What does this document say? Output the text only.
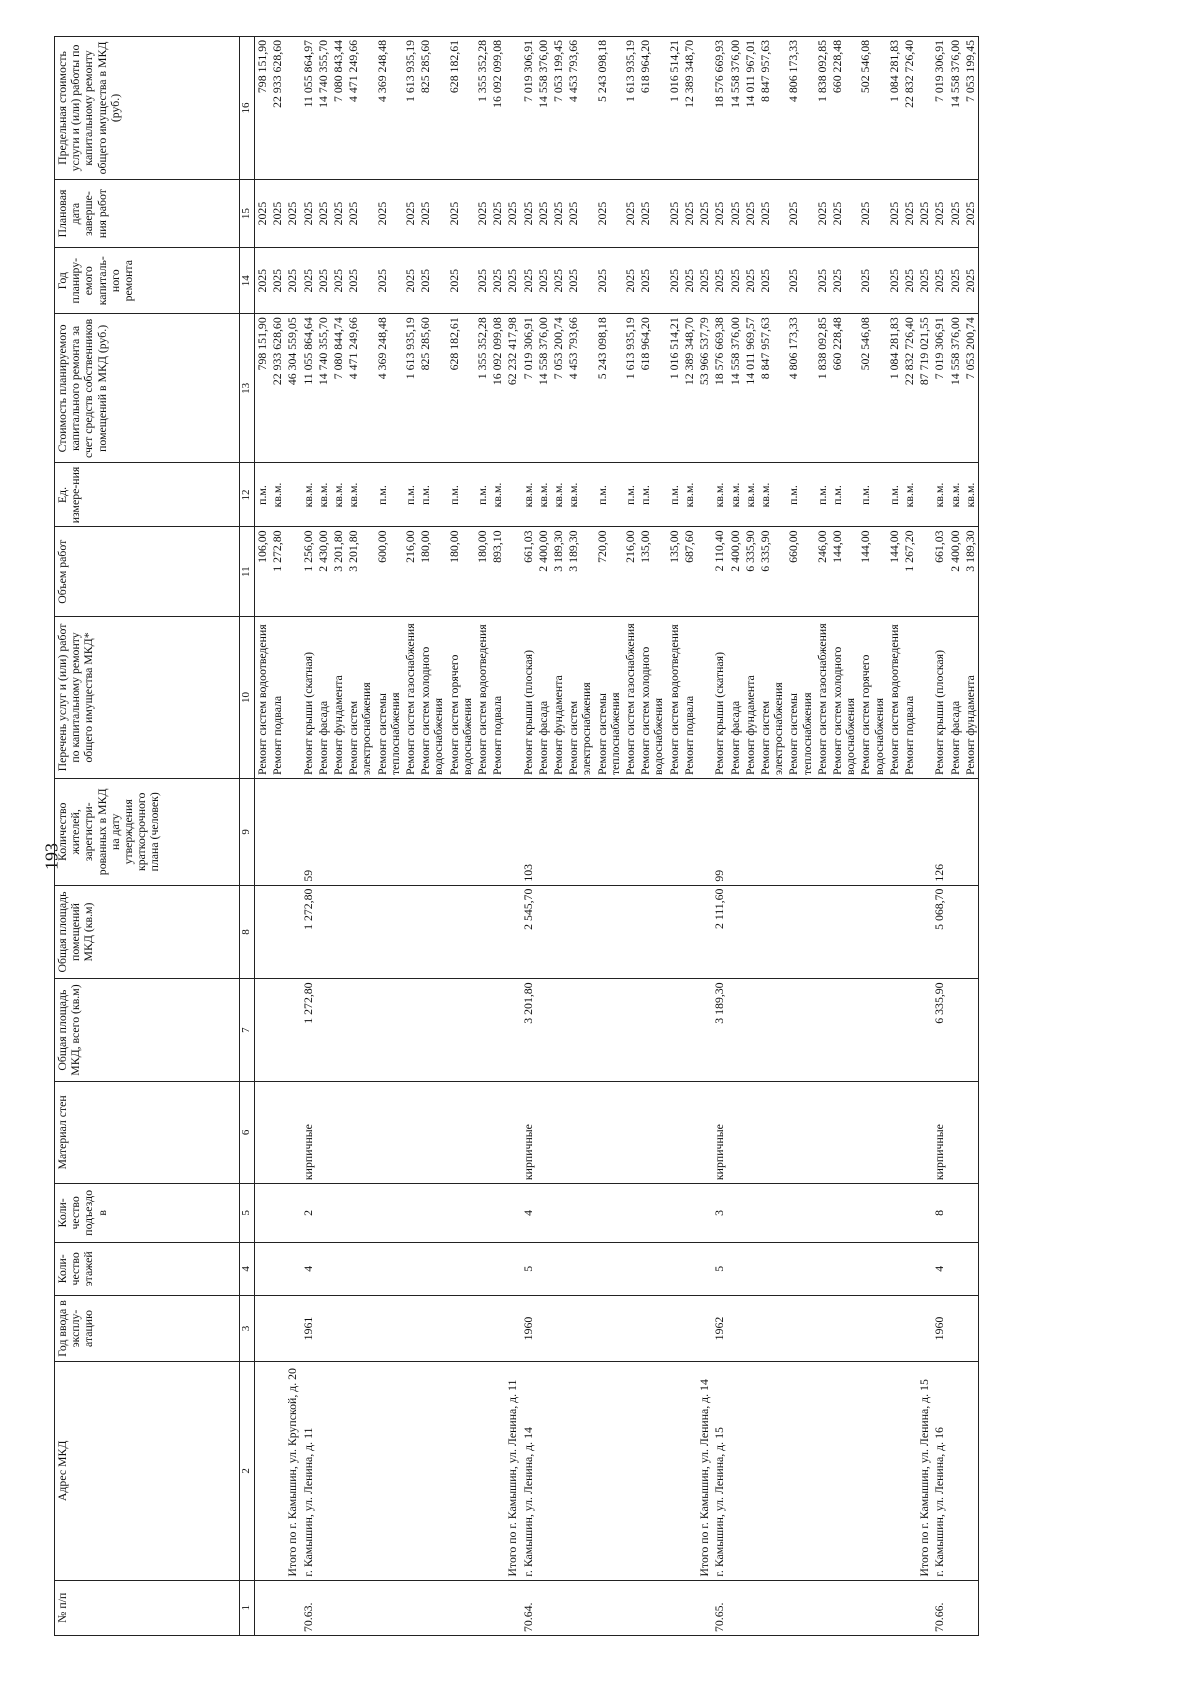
193
№ п/п	Адрес МКД	Год ввода в эксплу-атацию	Коли-чество этажей	Коли-чество подъездо в	Материал стен	Общая площадь МКД, всего (кв.м)	Общая площадь помещений МКД (кв.м)	Количество жителей, зарегистри-рованных в МКД на дату утверждения краткосрочного плана (человек)	Перечень услуг и (или) работ по капитальному ремонту общего имущества МКД*	Объем работ	Ед. измере-ния	Стоимость планируемого капитального ремонта за счет средств собственников помещений в МКД (руб.)	Год планиру-емого капиталь-ного ремонта	Плановая дата заверше-ния работ	Предельная стоимость услуги и (или) работы по капитальному ремонту общего имущества в МКД (руб.)
1	2	3	4	5	6	7	8	9	10	11	12	13	14	15	16
									Ремонт систем водоотведения	106,00	п.м.	798 151,90	2025	2025	798 151,90
									Ремонт подвала	1 272,80	кв.м.	22 933 628,60	2025	2025	22 933 628,60
	Итого по г. Камышин, ул. Крупской, д. 20											46 304 559,05	2025	2025	
70.63.	г. Камышин, ул. Ленина, д. 11	1961	4	2	кирпичные	1 272,80	1 272,80	59	Ремонт крыши (скатная)	1 256,00	кв.м.	11 055 864,64	2025	2025	11 055 864,97
									Ремонт фасада	2 430,00	кв.м.	14 740 355,70	2025	2025	14 740 355,70
									Ремонт фундамента	3 201,80	кв.м.	7 080 844,74	2025	2025	7 080 843,44
									Ремонт систем электроснабжения	3 201,80	кв.м.	4 471 249,66	2025	2025	4 471 249,66
									Ремонт системы теплоснабжения	600,00	п.м.	4 369 248,48	2025	2025	4 369 248,48
									Ремонт систем газоснабжения	216,00	п.м.	1 613 935,19	2025	2025	1 613 935,19
									Ремонт систем холодного водоснабжения	180,00	п.м.	825 285,60	2025	2025	825 285,60
									Ремонт систем горячего водоснабжения	180,00	п.м.	628 182,61	2025	2025	628 182,61
									Ремонт систем водоотведения	180,00	п.м.	1 355 352,28	2025	2025	1 355 352,28
									Ремонт подвала	893,10	кв.м.	16 092 099,08	2025	2025	16 092 099,08
	Итого по г. Камышин, ул. Ленина, д. 11											62 232 417,98	2025	2025	
70.64.	г. Камышин, ул. Ленина, д. 14	1960	5	4	кирпичные	3 201,80	2 545,70	103	Ремонт крыши (плоская)	661,03	кв.м.	7 019 306,91	2025	2025	7 019 306,91
									Ремонт фасада	2 400,00	кв.м.	14 558 376,00	2025	2025	14 558 376,00
									Ремонт фундамента	3 189,30	кв.м.	7 053 200,74	2025	2025	7 053 199,45
									Ремонт систем электроснабжения	3 189,30	кв.м.	4 453 793,66	2025	2025	4 453 793,66
									Ремонт системы теплоснабжения	720,00	п.м.	5 243 098,18	2025	2025	5 243 098,18
									Ремонт систем газоснабжения	216,00	п.м.	1 613 935,19	2025	2025	1 613 935,19
									Ремонт систем холодного водоснабжения	135,00	п.м.	618 964,20	2025	2025	618 964,20
									Ремонт систем водоотведения	135,00	п.м.	1 016 514,21	2025	2025	1 016 514,21
									Ремонт подвала	687,60	кв.м.	12 389 348,70	2025	2025	12 389 348,70
	Итого по г. Камышин, ул. Ленина, д. 14											53 966 537,79	2025	2025	
70.65.	г. Камышин, ул. Ленина, д. 15	1962	5	3	кирпичные	3 189,30	2 111,60	99	Ремонт крыши (скатная)	2 110,40	кв.м.	18 576 669,38	2025	2025	18 576 669,93
									Ремонт фасада	2 400,00	кв.м.	14 558 376,00	2025	2025	14 558 376,00
									Ремонт фундамента	6 335,90	кв.м.	14 011 969,57	2025	2025	14 011 967,01
									Ремонт систем электроснабжения	6 335,90	кв.м.	8 847 957,63	2025	2025	8 847 957,63
									Ремонт системы теплоснабжения	660,00	п.м.	4 806 173,33	2025	2025	4 806 173,33
									Ремонт систем газоснабжения	246,00	п.м.	1 838 092,85	2025	2025	1 838 092,85
									Ремонт систем холодного водоснабжения	144,00	п.м.	660 228,48	2025	2025	660 228,48
									Ремонт систем горячего водоснабжения	144,00	п.м.	502 546,08	2025	2025	502 546,08
									Ремонт систем водоотведения	144,00	п.м.	1 084 281,83	2025	2025	1 084 281,83
									Ремонт подвала	1 267,20	кв.м.	22 832 726,40	2025	2025	22 832 726,40
	Итого по г. Камышин, ул. Ленина, д. 15											87 719 021,55	2025	2025	
70.66.	г. Камышин, ул. Ленина, д. 16	1960	4	8	кирпичные	6 335,90	5 068,70	126	Ремонт крыши (плоская)	661,03	кв.м.	7 019 306,91	2025	2025	7 019 306,91
									Ремонт фасада	2 400,00	кв.м.	14 558 376,00	2025	2025	14 558 376,00
									Ремонт фундамента	3 189,30	кв.м.	7 053 200,74	2025	2025	7 053 199,45
